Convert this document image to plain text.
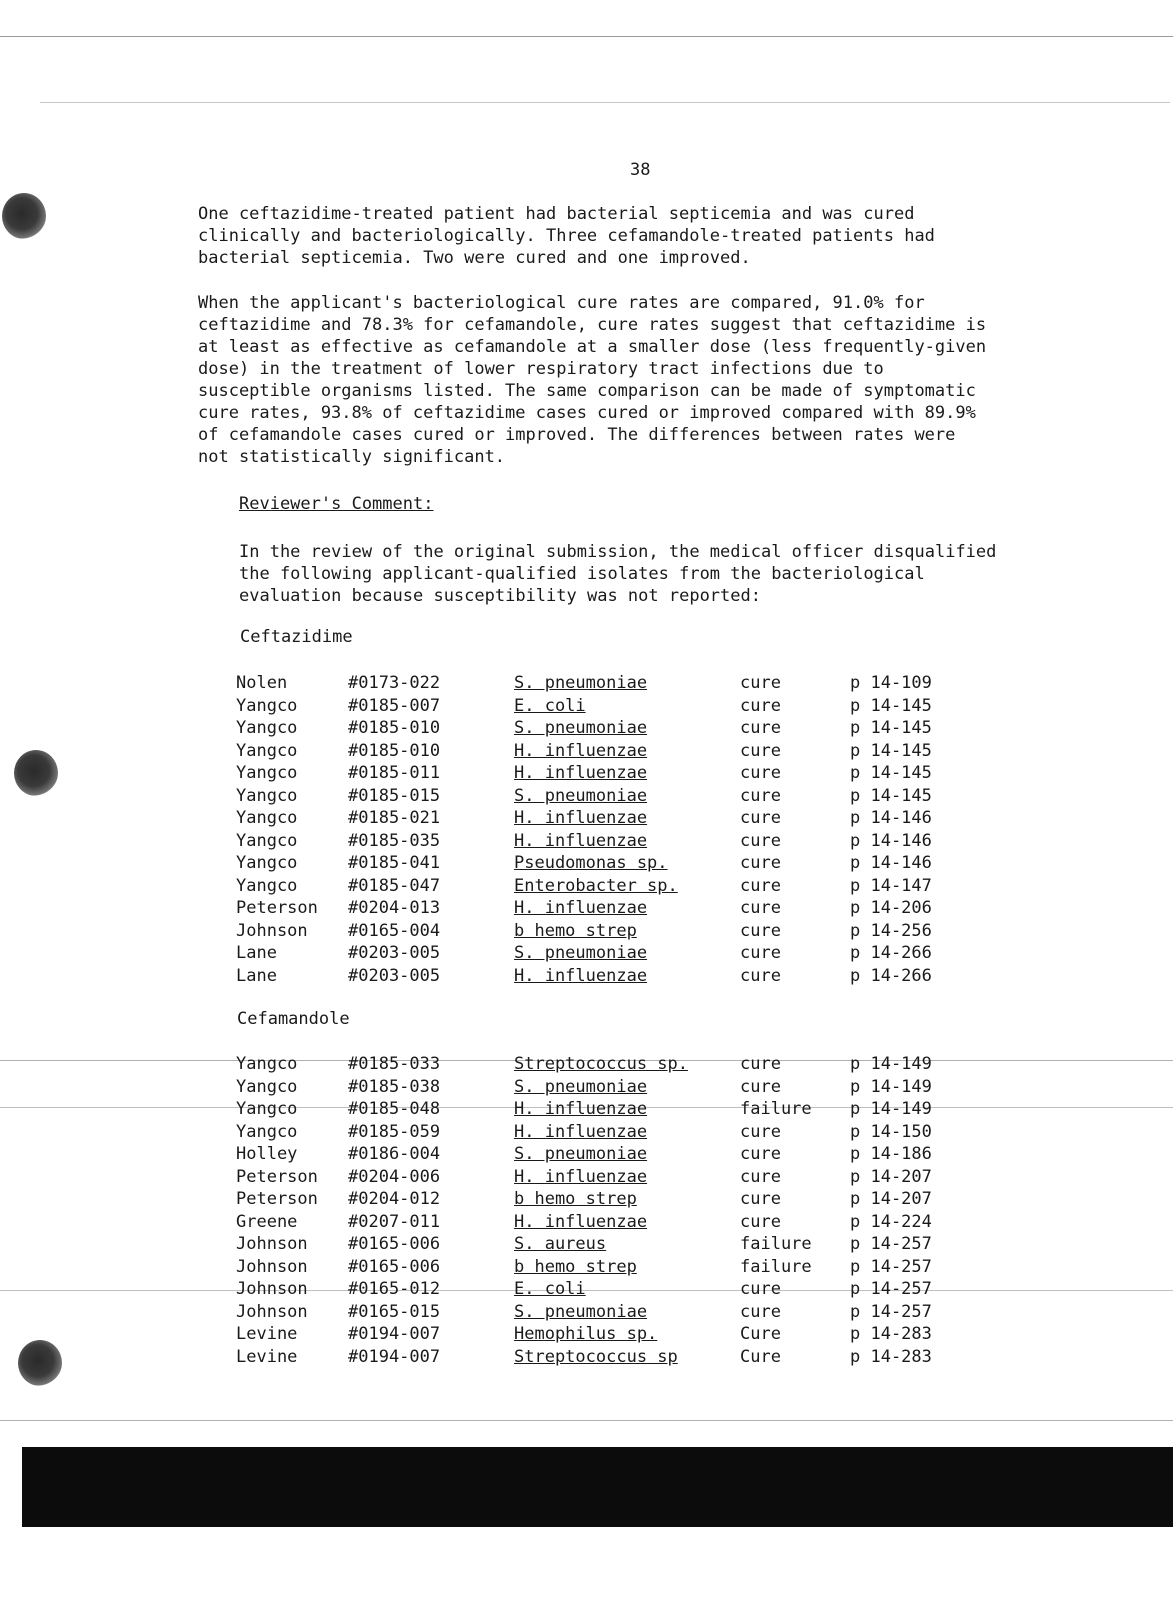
38

One ceftazidime-treated patient had bacterial septicemia and was cured
clinically and bacteriologically. Three cefamandole-treated patients had
bacterial septicemia. Two were cured and one improved.

When the applicant's bacteriological cure rates are compared, 91.0% for
ceftazidime and 78.3% for cefamandole, cure rates suggest that ceftazidime is
at least as effective as cefamandole at a smaller dose (less frequently-given
dose) in the treatment of lower respiratory tract infections due to
susceptible organisms listed. The same comparison can be made of symptomatic
cure rates, 93.8% of ceftazidime cases cured or improved compared with 89.9%
of cefamandole cases cured or improved. The differences between rates were
not statistically significant.

Reviewer's Comment:

In the review of the original submission, the medical officer disqualified
the following applicant-qualified isolates from the bacteriological
evaluation because susceptibility was not reported:

Ceftazidime
Nolen	#0173-022	S. pneumoniae	cure	p 14-109
Yangco	#0185-007	E. coli	cure	p 14-145
Yangco	#0185-010	S. pneumoniae	cure	p 14-145
Yangco	#0185-010	H. influenzae	cure	p 14-145
Yangco	#0185-011	H. influenzae	cure	p 14-145
Yangco	#0185-015	S. pneumoniae	cure	p 14-145
Yangco	#0185-021	H. influenzae	cure	p 14-146
Yangco	#0185-035	H. influenzae	cure	p 14-146
Yangco	#0185-041	Pseudomonas sp.	cure	p 14-146
Yangco	#0185-047	Enterobacter sp.	cure	p 14-147
Peterson #0204-013	H. influenzae	cure	p 14-206
Johnson #0165-004	b hemo strep	cure	p 14-256
Lane	#0203-005	S. pneumoniae	cure	p 14-266
Lane	#0203-005	H. influenzae	cure	p 14-266
Cefamandole
Yangco	#0185-033	Streptococcus sp.	cure	p 14-149
Yangco	#0185-038	S. pneumoniae	cure	p 14-149
Yangco	#0185-048	H. influenzae	failure p 14-149
Yangco	#0185-059	H. influenzae	cure	p 14-150
Holley	#0186-004	S. pneumoniae	cure	p 14-186
Peterson #0204-006	H. influenzae	cure	p 14-207
Peterson #0204-012	b hemo strep	cure	p 14-207
Greene	#0207-011	H. influenzae	cure	p 14-224
Johnson #0165-006	S. aureus	failure p 14-257
Johnson #0165-006	b hemo strep	failure p 14-257
Johnson #0165-012	E. coli	cure	p 14-257
Johnson #0165-015	S. pneumoniae	cure	p 14-257
Levine	#0194-007	Hemophilus sp.	Cure	p 14-283
Levine	#0194-007	Streptococcus sp	Cure	p 14-283
